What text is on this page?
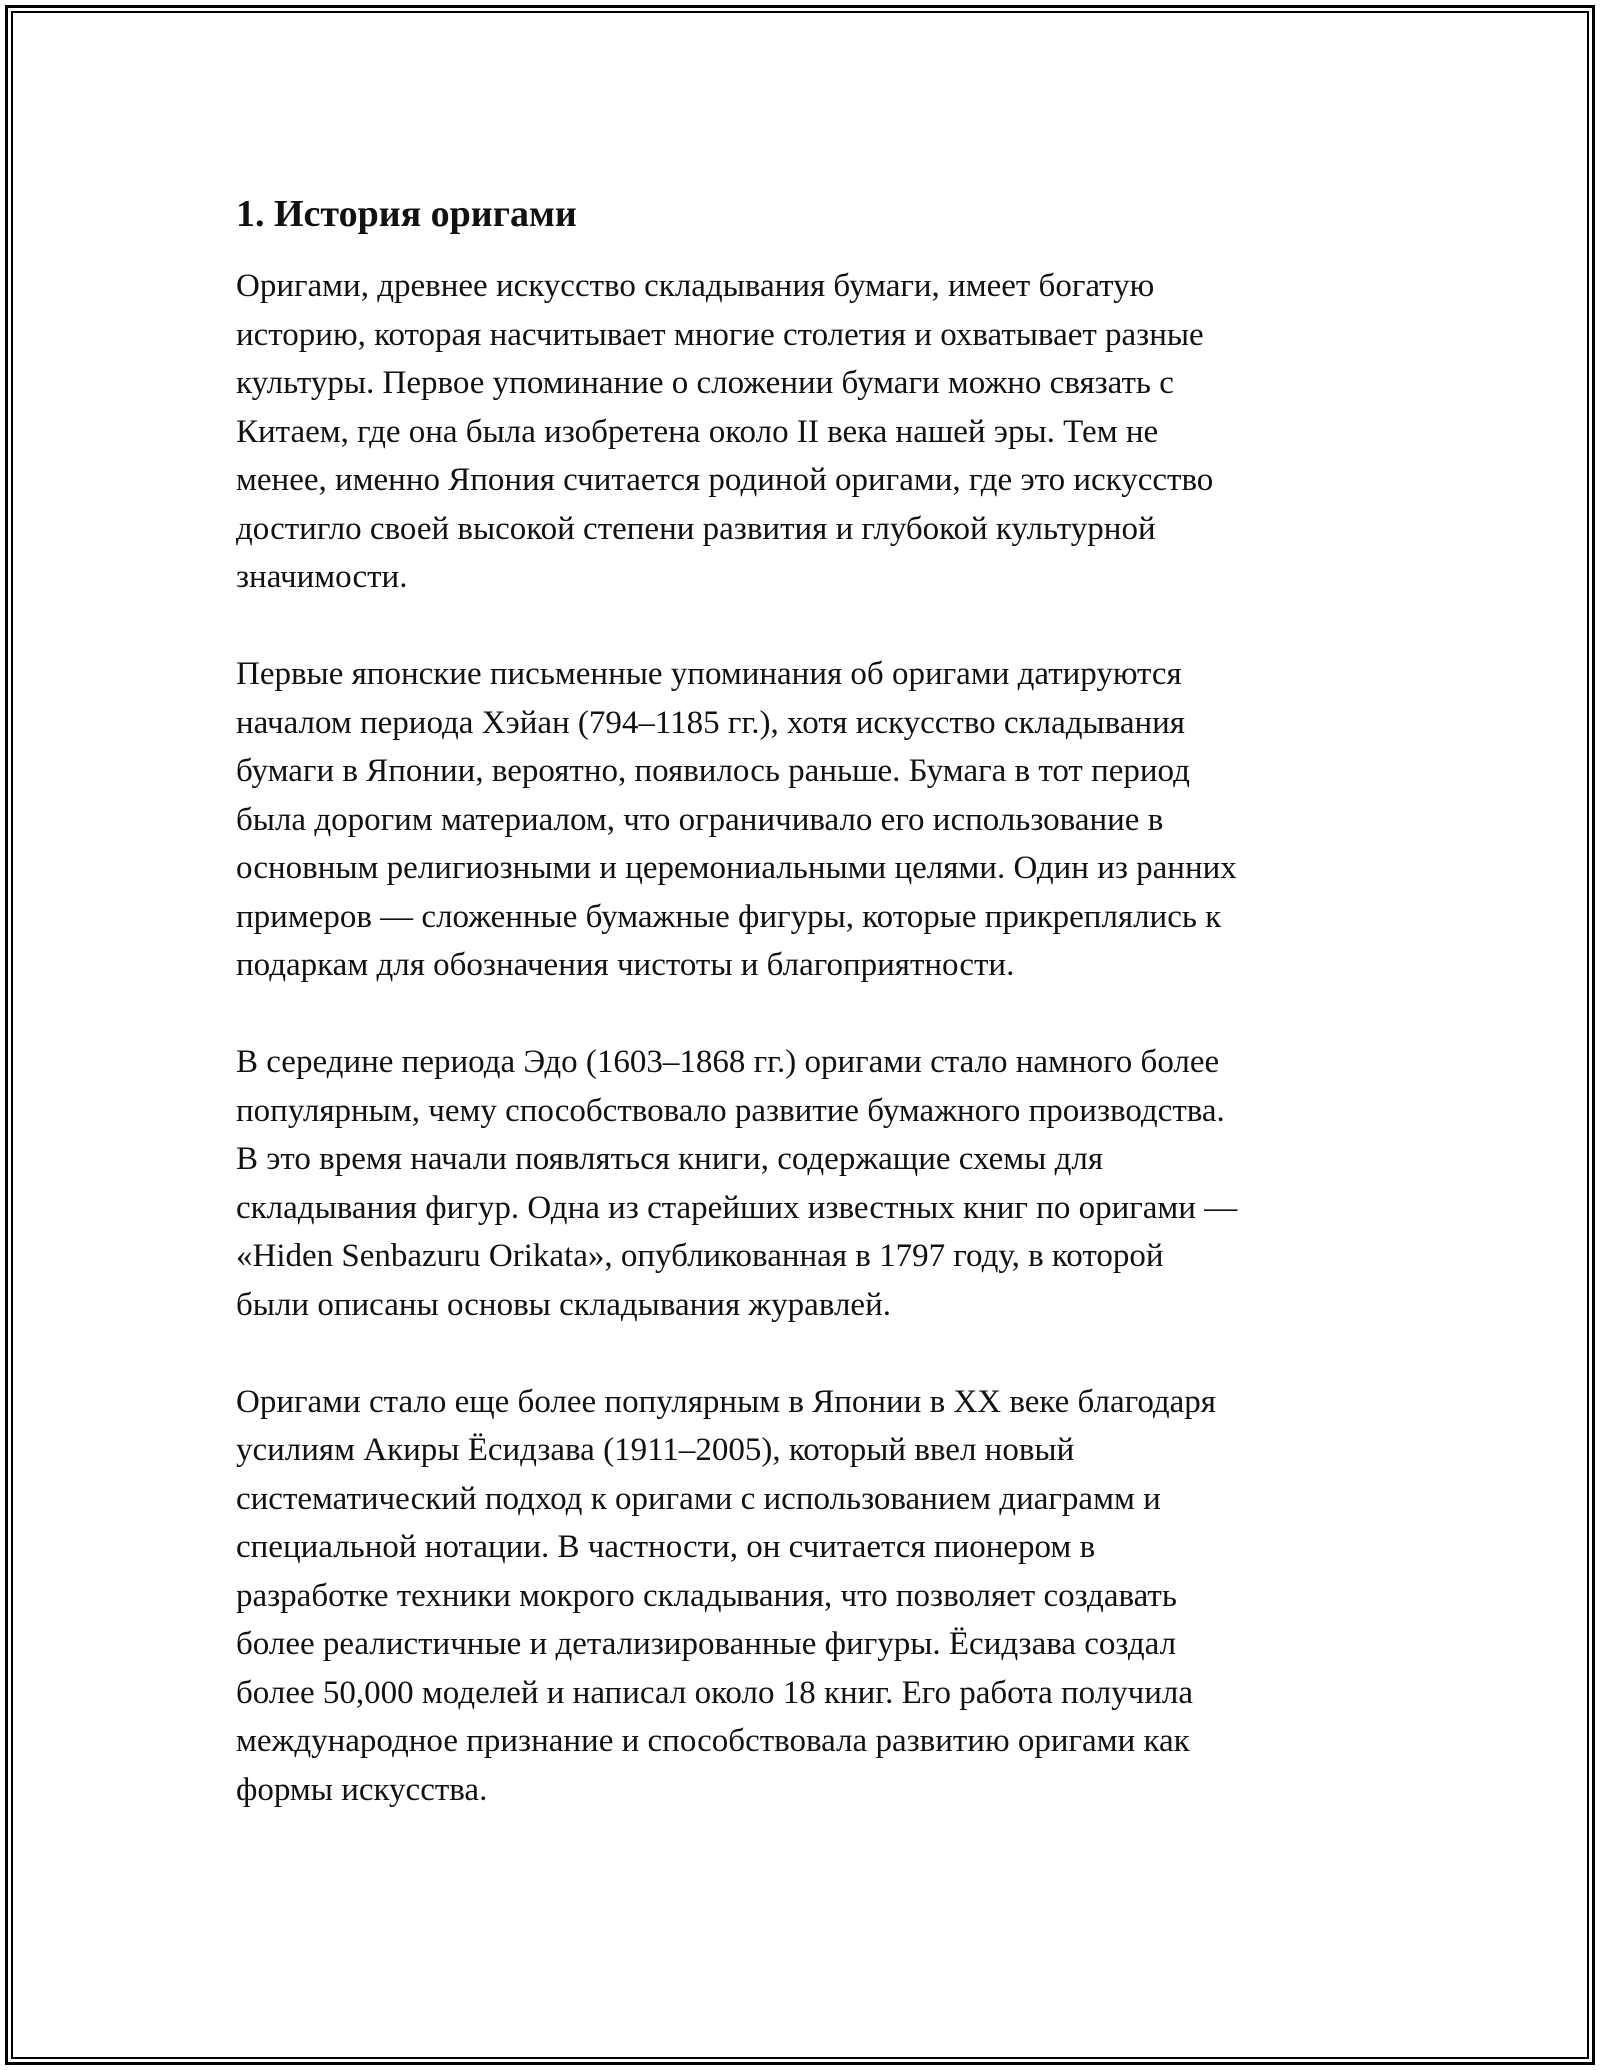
1. История оригами

Оригами, древнее искусство складывания бумаги, имеет богатую
историю, которая насчитывает многие столетия и охватывает разные
культуры. Первое упоминание о сложении бумаги можно связать с
Китаем, где она была изобретена около II века нашей эры. Тем не
менее, именно Япония считается родиной оригами, где это искусство
достигло своей высокой степени развития и глубокой культурной
значимости.

Первые японские письменные упоминания об оригами датируются
началом периода Хэйан (794–1185 гг.), хотя искусство складывания
бумаги в Японии, вероятно, появилось раньше. Бумага в тот период
была дорогим материалом, что ограничивало его использование в
основным религиозными и церемониальными целями. Один из ранних
примеров — сложенные бумажные фигуры, которые прикреплялись к
подаркам для обозначения чистоты и благоприятности.

В середине периода Эдо (1603–1868 гг.) оригами стало намного более
популярным, чему способствовало развитие бумажного производства.
В это время начали появляться книги, содержащие схемы для
складывания фигур. Одна из старейших известных книг по оригами —
«Hiden Senbazuru Orikata», опубликованная в 1797 году, в которой
были описаны основы складывания журавлей.

Оригами стало еще более популярным в Японии в XX веке благодаря
усилиям Акиры Ёсидзава (1911–2005), который ввел новый
систематический подход к оригами с использованием диаграмм и
специальной нотации. В частности, он считается пионером в
разработке техники мокрого складывания, что позволяет создавать
более реалистичные и детализированные фигуры. Ёсидзава создал
более 50,000 моделей и написал около 18 книг. Его работа получила
международное признание и способствовала развитию оригами как
формы искусства.
